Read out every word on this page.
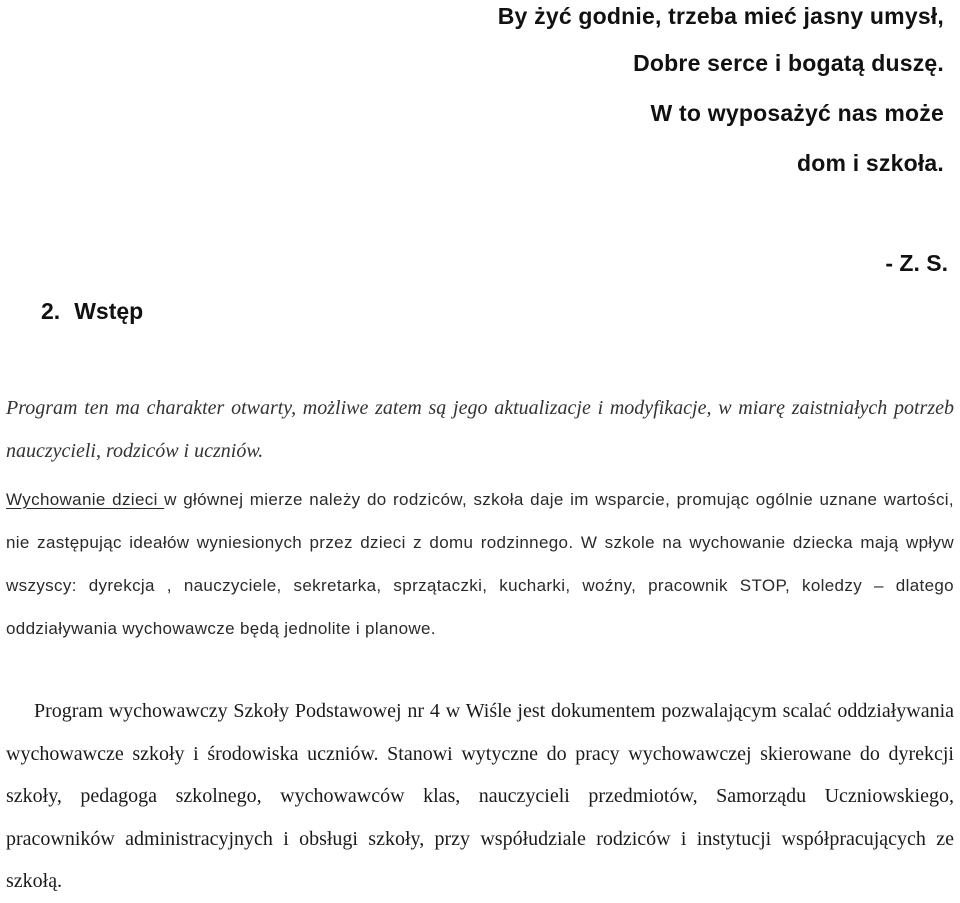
By żyć godnie, trzeba mieć jasny umysł,

Dobre serce i bogatą duszę.

W to wyposażyć nas może

dom i szkoła.

- Z. S.

2. Wstęp

Program ten ma charakter otwarty, możliwe zatem są jego aktualizacje i modyfikacje, w miarę zaistniałych potrzeb nauczycieli, rodziców i uczniów.

Wychowanie dzieci w głównej mierze należy do rodziców, szkoła daje im wsparcie, promując ogólnie uznane wartości, nie zastępując ideałów wyniesionych przez dzieci z domu rodzinnego. W szkole na wychowanie dziecka mają wpływ wszyscy: dyrekcja , nauczyciele, sekretarka, sprzątaczki, kucharki, woźny, pracownik STOP, koledzy – dlatego oddziaływania wychowawcze będą jednolite i planowe.

Program wychowawczy Szkoły Podstawowej nr 4 w Wiśle jest dokumentem pozwalającym scalać oddziaływania wychowawcze szkoły i środowiska uczniów. Stanowi wytyczne do pracy wychowawczej skierowane do dyrekcji szkoły, pedagoga szkolnego, wychowawców klas, nauczycieli przedmiotów, Samorządu Uczniowskiego, pracowników administracyjnych i obsługi szkoły, przy współudziale rodziców i instytucji współpracujących ze szkołą.
